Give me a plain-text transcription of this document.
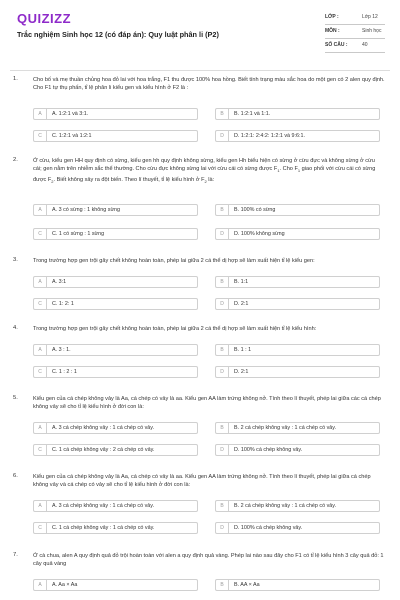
QUIZIZZ
Trắc nghiệm Sinh học 12 (có đáp án): Quy luật phân li (P2)
LỚP :	Lớp 12
MÔN :	Sinh học
SỐ CÂU :	40
1.	Cho bố và mẹ thuần chủng hoa đỏ lai với hoa trắng, F1 thu được 100% hoa hồng. Biết tính trạng màu sắc hoa do một gen có 2 alen quy định. Cho F1 tự thụ phấn, tỉ lệ phân li kiểu gen và kiểu hình ở F2 là :
A	A. 1:2:1 và 3:1.	B	B. 1:2:1 và 1:1.
C	C. 1:2:1 và 1:2:1	D	D. 1:2:1: 2:4:2: 1:2:1 và 9:6:1.
2.	Ở cừu, kiểu gen HH quy định có sừng, kiểu gen hh quy định không sừng, kiểu gen Hh biểu hiện có sừng ở cừu đực và không sừng ở cừu cái; gen nằm trên nhiễm sắc thể thường. Cho cừu đực không sừng lai với cừu cái có sừng được $F_1$. Cho $F_1$ giao phối với cừu cái có sừng được $F_2$. Biết không xảy ra đột biến. Theo lí thuyết, tỉ lệ kiểu hình ở $F_2$ là:
A	A. 3 có sừng : 1 không sừng	B	B. 100% có sừng
C	C. 1 có sừng : 1 sừng	D	D. 100% không sừng
3.	Trong trường hợp gen trội gây chết không hoàn toàn, phép lai giữa 2 cá thể dị hợp sẽ làm xuất hiện tỉ lệ kiểu gen:
A	A. 3:1	B	B. 1:1
C	C. 1: 2: 1	D	D. 2:1
4.	Trong trường hợp gen trội gây chết không hoàn toàn, phép lai giữa 2 cá thể dị hợp sẽ làm xuất hiện tỉ lệ kiểu hình:
A	A. 3 : 1.	B	B. 1 : 1
C	C. 1 : 2 : 1	D	D. 2:1
5.	Kiểu gen của cá chép không vảy là Aa, cá chép có vảy là aa. Kiểu gen AA làm trứng không nở. Tính theo lí thuyết, phép lai giữa các cá chép không vảy sẽ cho tỉ lệ kiểu hình ở đời con là:
A	A. 3 cá chép không vảy : 1 cá chép có vảy.	B	B. 2 cá chép không vảy : 1 cá chép có vảy.
C	C. 1 cá chép không vảy : 2 cá chép có vảy.	D	D. 100% cá chép không vảy.
6.	Kiểu gen của cá chép không vảy là Aa, cá chép có vảy là aa. Kiểu gen AA làm trứng không nở. Tính theo lí thuyết, phép lai giữa cá chép không vảy và cá chép có vảy sẽ cho tỉ lệ kiểu hình ở đời con là:
A	A. 3 cá chép không vảy : 1 cá chép có vảy.	B	B. 2 cá chép không vảy : 1 cá chép có vảy.
C	C. 1 cá chép không vảy : 1 cá chép có vảy.	D	D. 100% cá chép không vảy.
7.	Ở cà chua, alen A quy định quả đỏ trội hoàn toàn với alen a quy định quả vàng. Phép lai nào sau đây cho F1 có tỉ lệ kiểu hình 3 cây quả đỏ: 1 cây quả vàng
A	A. Aa × Aa	B	B. AA × Aa
